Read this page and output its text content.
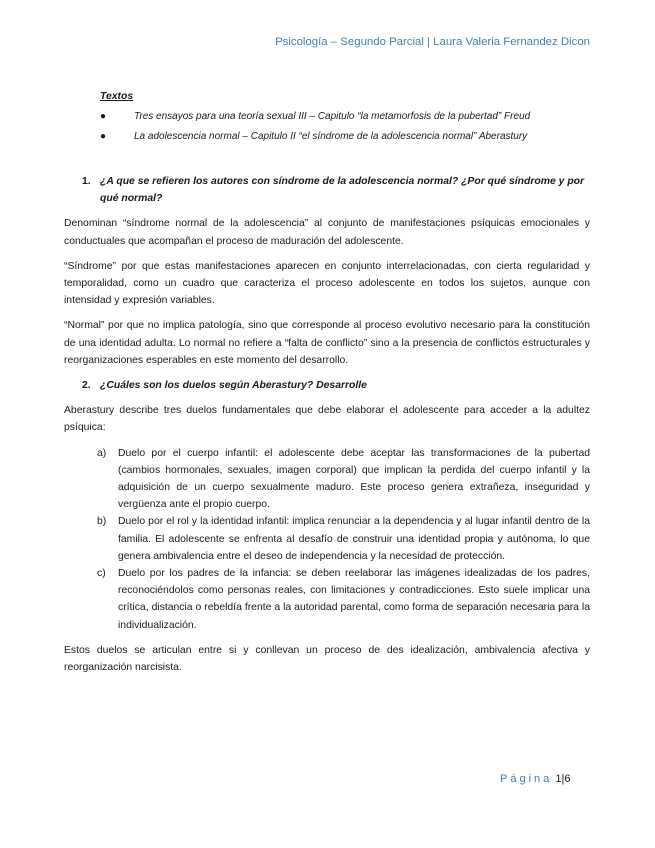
Psicología – Segundo Parcial | Laura Valeria Fernandez Dicon
Textos
●	Tres ensayos para una teoría sexual III – Capitulo “la metamorfosis de la pubertad” Freud
●	La adolescencia normal – Capitulo II “el síndrome de la adolescencia normal” Aberastury
1. ¿A que se refieren los autores con síndrome de la adolescencia normal? ¿Por qué síndrome y por qué normal?

Denominan “síndrome normal de la adolescencia” al conjunto de manifestaciones psíquicas emocionales y conductuales que acompañan el proceso de maduración del adolescente.

“Síndrome” por que estas manifestaciones aparecen en conjunto interrelacionadas, con cierta regularidad y temporalidad, como un cuadro que caracteriza el proceso adolescente en todos los sujetos, aunque con intensidad y expresión variables.

“Normal” por que no implica patología, sino que corresponde al proceso evolutivo necesario para la constitución de una identidad adulta. Lo normal no refiere a “falta de conflicto” sino a la presencia de conflictos estructurales y reorganizaciones esperables en este momento del desarrollo.

2. ¿Cuáles son los duelos según Aberastury? Desarrolle

Aberastury describe tres duelos fundamentales que debe elaborar el adolescente para acceder a la adultez psíquica:

a) Duelo por el cuerpo infantil: el adolescente debe aceptar las transformaciones de la pubertad (cambios hormonales, sexuales, imagen corporal) que implican la perdida del cuerpo infantil y la adquisición de un cuerpo sexualmente maduro. Este proceso genera extrañeza, inseguridad y vergüenza ante el propio cuerpo.
b) Duelo por el rol y la identidad infantil: implica renunciar a la dependencia y al lugar infantil dentro de la familia. El adolescente se enfrenta al desafío de construir una identidad propia y autónoma, lo que genera ambivalencia entre el deseo de independencia y la necesidad de protección.
c) Duelo por los padres de la infancia: se deben reelaborar las imágenes idealizadas de los padres, reconociéndolos como personas reales, con limitaciones y contradicciones. Esto suele implicar una crítica, distancia o rebeldía frente a la autoridad parental, como forma de separación necesaria para la individualización.

Estos duelos se articulan entre si y conllevan un proceso de des idealización, ambivalencia afectiva y reorganización narcisista.

Página 1|6
